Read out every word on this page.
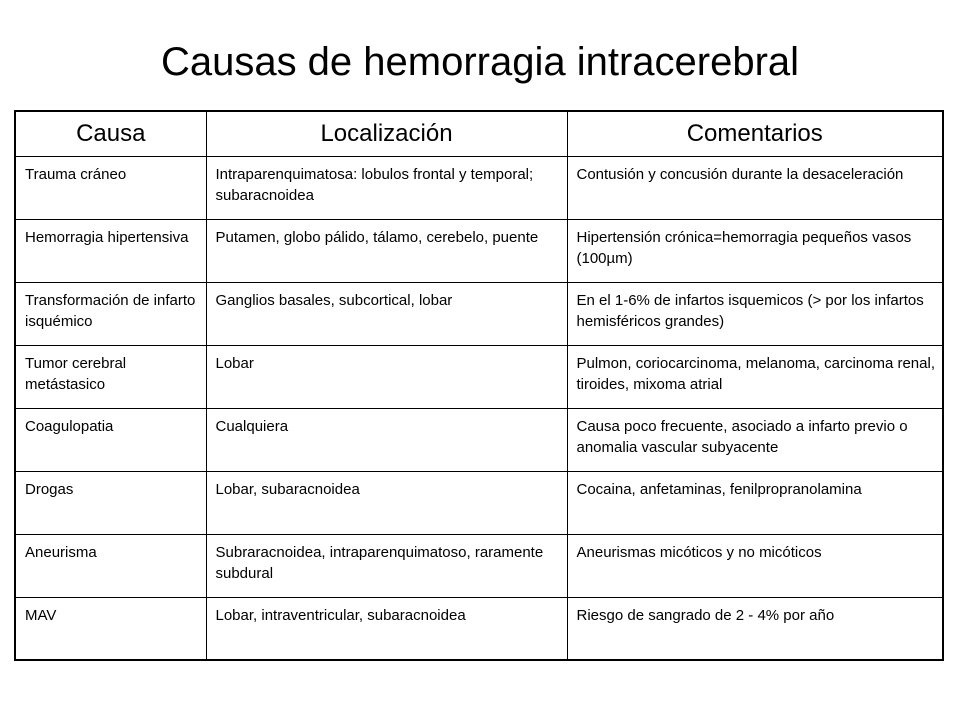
Causas de hemorragia intracerebral
Causa	Localización	Comentarios
Trauma cráneo	Intraparenquimatosa: lobulos frontal y temporal; subaracnoidea	Contusión y concusión durante la desaceleración
Hemorragia hipertensiva	Putamen, globo pálido, tálamo, cerebelo, puente	Hipertensión crónica=hemorragia pequeños vasos (100µm)
Transformación de infarto isquémico	Ganglios basales, subcortical, lobar	En el 1-6% de infartos isquemicos (> por los infartos hemisféricos grandes)
Tumor cerebral metástasico	Lobar	Pulmon, coriocarcinoma, melanoma, carcinoma renal, tiroides, mixoma atrial
Coagulopatia	Cualquiera	Causa poco frecuente, asociado a infarto previo o anomalia vascular subyacente
Drogas	Lobar, subaracnoidea	Cocaina, anfetaminas, fenilpropranolamina
Aneurisma	Subraracnoidea, intraparenquimatoso, raramente subdural	Aneurismas micóticos y no micóticos
MAV	Lobar, intraventricular, subaracnoidea	Riesgo de sangrado de 2 - 4% por año
